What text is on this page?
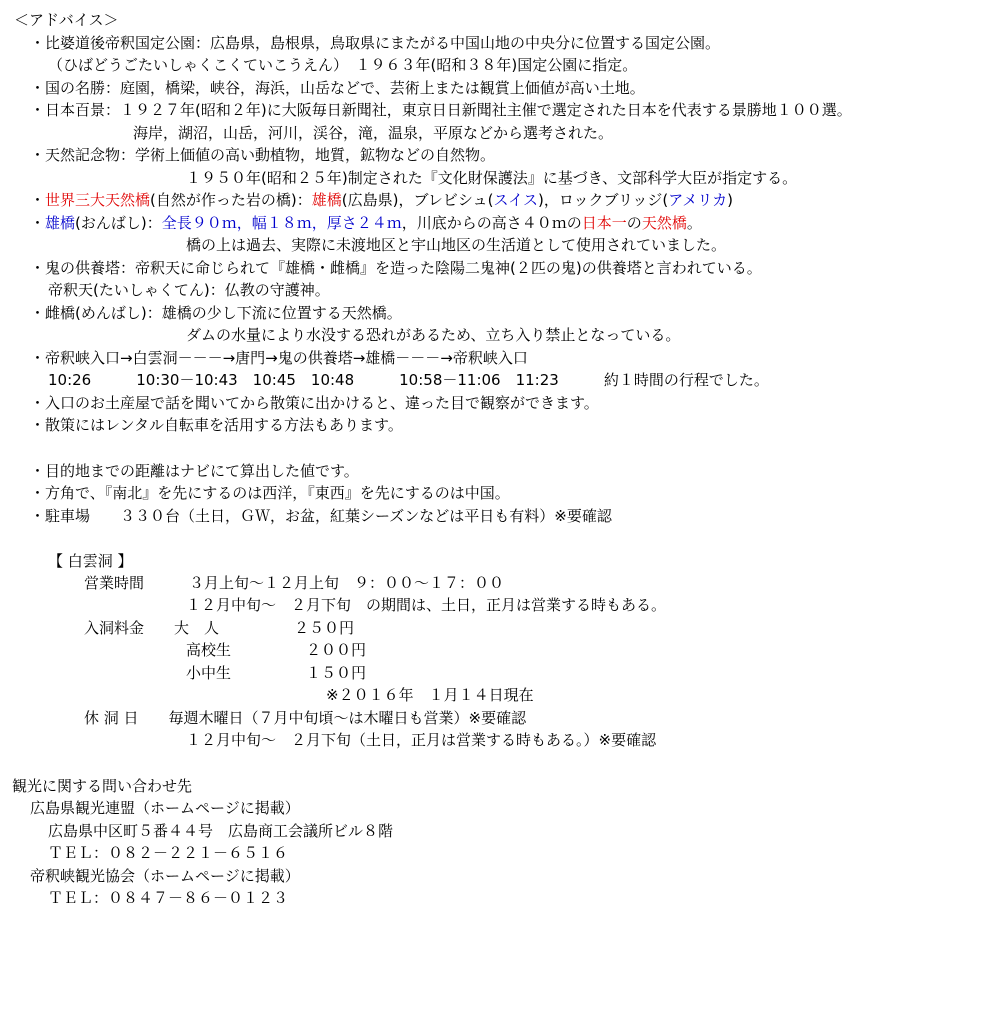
＜アドバイス＞
・比婆道後帝釈国定公園：広島県，島根県，鳥取県にまたがる中国山地の中央分に位置する国定公園。
（ひばどうごたいしゃくこくていこうえん）　１９６３年(昭和３８年)国定公園に指定。
・国の名勝：庭園，橋梁，峡谷，海浜，山岳などで、芸術上または観賞上価値が高い土地。
・日本百景：１９２７年(昭和２年)に大阪毎日新聞社，東京日日新聞社主催で選定された日本を代表する景勝地１００選。
海岸，湖沼，山岳，河川，渓谷，滝，温泉，平原などから選考された。
・天然記念物：学術上価値の高い動植物，地質，鉱物などの自然物。
１９５０年(昭和２５年)制定された『文化財保護法』に基づき、文部科学大臣が指定する。
・世界三大天然橋(自然が作った岩の橋)：雄橋(広島県)，ブレビシュ(スイス)，ロックブリッジ(アメリカ)
・雄橋(おんばし)：全長９０ｍ，幅１８ｍ，厚さ２４ｍ，川底からの高さ４０ｍの日本一の天然橋。
橋の上は過去、実際に未渡地区と宇山地区の生活道として使用されていました。
・鬼の供養塔：帝釈天に命じられて『雄橋・雌橋』を造った陰陽二鬼神(２匹の鬼)の供養塔と言われている。
帝釈天(たいしゃくてん)：仏教の守護神。
・雌橋(めんばし)：雄橋の少し下流に位置する天然橋。
ダムの水量により水没する恐れがあるため、立ち入り禁止となっている。
・帝釈峡入口→白雲洞－－－→唐門→鬼の供養塔→雄橋－－－→帝釈峡入口
10:26　　　10:30－10:43　10:45　10:48　　　10:58－11:06　11:23　　　約１時間の行程でした。
・入口のお土産屋で話を聞いてから散策に出かけると、違った目で観察ができます。
・散策にはレンタル自転車を活用する方法もあります。
・目的地までの距離はナビにて算出した値です。
・方角で、『南北』を先にするのは西洋，『東西』を先にするのは中国。
・駐車場　　３３０台（土日，ＧＷ，お盆，紅葉シーズンなどは平日も有料）※要確認
【 白雲洞 】
営業時間　　　３月上旬～１２月上旬　９：００～１７：００
１２月中旬～　２月下旬　の期間は、土日，正月は営業する時もある。
入洞料金　　大　人　　　　　２５０円
高校生　　　　　２００円
小中生　　　　　１５０円
※２０１６年　１月１４日現在
休 洞 日　　毎週木曜日（７月中旬頃～は木曜日も営業）※要確認
１２月中旬～　２月下旬（土日，正月は営業する時もある。）※要確認
観光に関する問い合わせ先
広島県観光連盟（ホームページに掲載）
広島県中区町５番４４号　広島商工会議所ビル８階
ＴＥＬ：０８２－２２１－６５１６
帝釈峡観光協会（ホームページに掲載）
ＴＥＬ：０８４７－８６－０１２３
